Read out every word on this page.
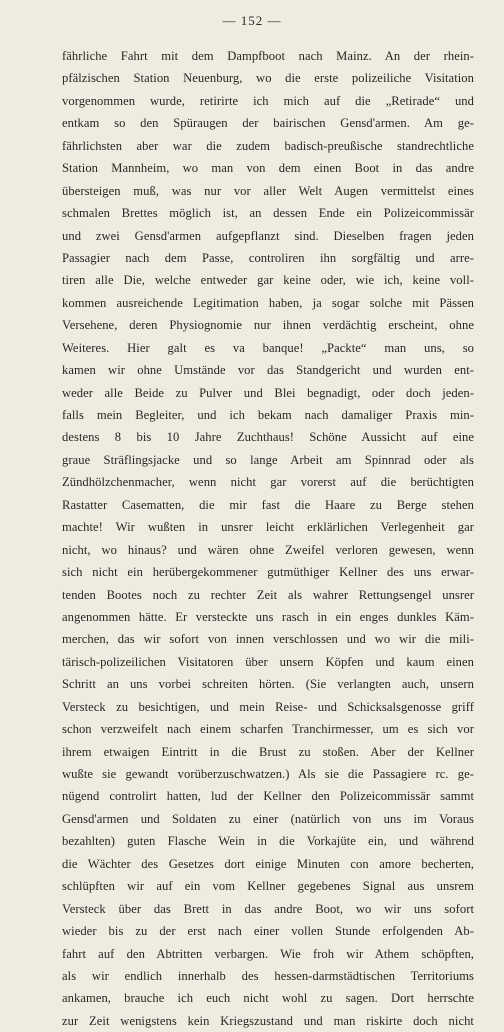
— 152 —
fährliche Fahrt mit dem Dampfboot nach Mainz. An der rhein-
pfälzischen Station Neuenburg, wo die erste polizeiliche Visitation
vorgenommen wurde, retirirte ich mich auf die „Retirade“ und
entkam so den Spüraugen der bairischen Gensd'armen. Am ge-
fährlichsten aber war die zudem badisch-preußische standrechtliche
Station Mannheim, wo man von dem einen Boot in das andre
übersteigen muß, was nur vor aller Welt Augen vermittelst eines
schmalen Brettes möglich ist, an dessen Ende ein Polizeicommissär
und zwei Gensd'armen aufgepflanzt sind. Dieselben fragen jeden
Passagier nach dem Passe, controliren ihn sorgfältig und arre-
tiren alle Die, welche entweder gar keine oder, wie ich, keine voll-
kommen ausreichende Legitimation haben, ja sogar solche mit Pässen
Versehene, deren Physiognomie nur ihnen verdächtig erscheint, ohne
Weiteres. Hier galt es va banque! „Packte“ man uns, so
kamen wir ohne Umstände vor das Standgericht und wurden ent-
weder alle Beide zu Pulver und Blei begnadigt, oder doch jeden-
falls mein Begleiter, und ich bekam nach damaliger Praxis min-
destens 8 bis 10 Jahre Zuchthaus! Schöne Aussicht auf eine
graue Sträflingsjacke und so lange Arbeit am Spinnrad oder als
Zündhölzchenmacher, wenn nicht gar vorerst auf die berüchtigten
Rastatter Casematten, die mir fast die Haare zu Berge stehen
machte! Wir wußten in unsrer leicht erklärlichen Verlegenheit gar
nicht, wo hinaus? und wären ohne Zweifel verloren gewesen, wenn
sich nicht ein herübergekommener gutmüthiger Kellner des uns erwar-
tenden Bootes noch zu rechter Zeit als wahrer Rettungsengel unsrer
angenommen hätte. Er versteckte uns rasch in ein enges dunkles Käm-
merchen, das wir sofort von innen verschlossen und wo wir die mili-
tärisch-polizeilichen Visitatoren über unsern Köpfen und kaum einen
Schritt an uns vorbei schreiten hörten. (Sie verlangten auch, unsern
Versteck zu besichtigen, und mein Reise- und Schicksalsgenosse griff
schon verzweifelt nach einem scharfen Tranchirmesser, um es sich vor
ihrem etwaigen Eintritt in die Brust zu stoßen. Aber der Kellner
wußte sie gewandt vorüberzuschwatzen.) Als sie die Passagiere rc. ge-
nügend controlirt hatten, lud der Kellner den Polizeicommissär sammt
Gensd'armen und Soldaten zu einer (natürlich von uns im Voraus
bezahlten) guten Flasche Wein in die Vorkajüte ein, und während
die Wächter des Gesetzes dort einige Minuten con amore becherten,
schlüpften wir auf ein vom Kellner gegebenes Signal aus unsrem
Versteck über das Brett in das andre Boot, wo wir uns sofort
wieder bis zu der erst nach einer vollen Stunde erfolgenden Ab-
fahrt auf den Abtritten verbargen. Wie froh wir Athem schöpften,
als wir endlich innerhalb des hessen-darmstädtischen Territoriums
ankamen, brauche ich euch nicht wohl zu sagen. Dort herrschte
zur Zeit wenigstens kein Kriegszustand und man riskirte doch nicht
